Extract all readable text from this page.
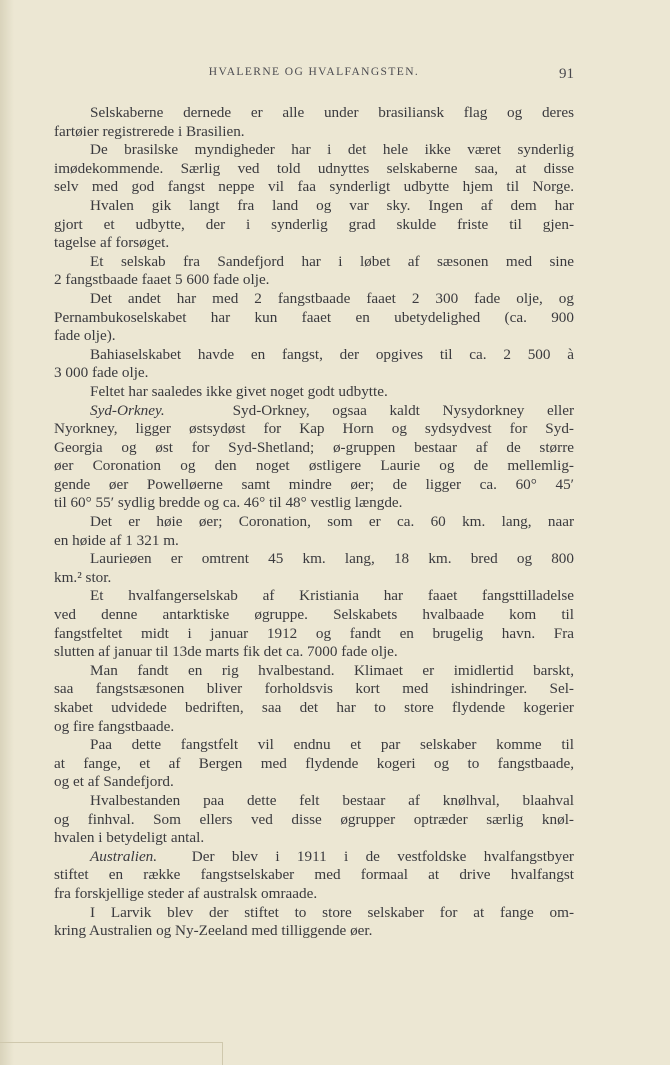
HVALERNE OG HVALFANGSTEN.	91
Selskaberne dernede er alle under brasiliansk flag og deres
fartøier registrerede i Brasilien.
De brasilske myndigheder har i det hele ikke været synderlig
imødekommende. Særlig ved told udnyttes selskaberne saa, at disse
selv med god fangst neppe vil faa synderligt udbytte hjem til Norge.
Hvalen gik langt fra land og var sky. Ingen af dem har
gjort et udbytte, der i synderlig grad skulde friste til gjen-
tagelse af forsøget.
Et selskab fra Sandefjord har i løbet af sæsonen med sine
2 fangstbaade faaet 5 600 fade olje.
Det andet har med 2 fangstbaade faaet 2 300 fade olje, og
Pernambukoselskabet har kun faaet en ubetydelighed (ca. 900
fade olje).
Bahiaselskabet havde en fangst, der opgives til ca. 2 500 à
3 000 fade olje.
Feltet har saaledes ikke givet noget godt udbytte.
Syd-Orkney.	Syd-Orkney, ogsaa kaldt Nysydorkney eller
Nyorkney, ligger østsydøst for Kap Horn og sydsydvest for Syd-
Georgia og øst for Syd-Shetland; ø-gruppen bestaar af de større
øer Coronation og den noget østligere Laurie og de mellemlig-
gende øer Powelløerne samt mindre øer; de ligger ca. 60° 45′
til 60° 55′ sydlig bredde og ca. 46° til 48° vestlig længde.
Det er høie øer; Coronation, som er ca. 60 km. lang, naar
en høide af 1 321 m.
Laurieøen er omtrent 45 km. lang, 18 km. bred og 800
km.² stor.
Et hvalfangerselskab af Kristiania har faaet fangsttilladelse
ved denne antarktiske øgruppe. Selskabets hvalbaade kom til
fangstfeltet midt i januar 1912 og fandt en brugelig havn. Fra
slutten af januar til 13de marts fik det ca. 7000 fade olje.
Man fandt en rig hvalbestand. Klimaet er imidlertid barskt,
saa fangstsæsonen bliver forholdsvis kort med ishindringer. Sel-
skabet udvidede bedriften, saa det har to store flydende kogerier
og fire fangstbaade.
Paa dette fangstfelt vil endnu et par selskaber komme til
at fange, et af Bergen med flydende kogeri og to fangstbaade,
og et af Sandefjord.
Hvalbestanden paa dette felt bestaar af knølhval, blaahval
og finhval. Som ellers ved disse øgrupper optræder særlig knøl-
hvalen i betydeligt antal.
Australien. Der blev i 1911 i de vestfoldske hvalfangstbyer
stiftet en række fangstselskaber med formaal at drive hvalfangst
fra forskjellige steder af australsk omraade.
I Larvik blev der stiftet to store selskaber for at fange om-
kring Australien og Ny-Zeeland med tilliggende øer.
